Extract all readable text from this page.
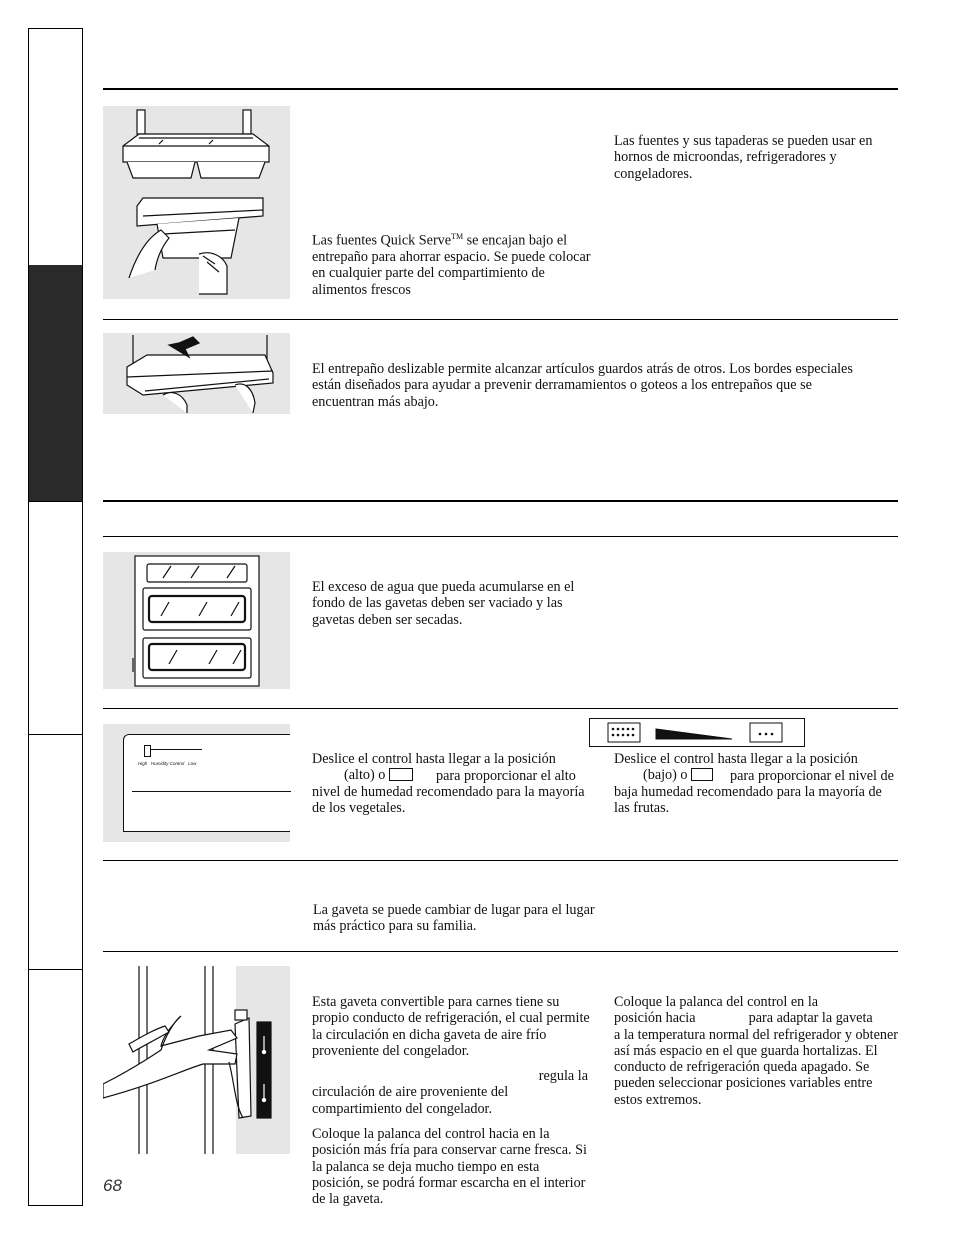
Las fuentes y sus tapaderas se pueden usar en hornos de microondas, refrigeradores y congeladores.

Las fuentes Quick Serve™ se encajan bajo el entrepaño para ahorrar espacio. Se puede colocar en cualquier parte del compartimiento de alimentos frescos

El entrepaño deslizable permite alcanzar artículos guardos atrás de otros. Los bordes especiales están diseñados para ayudar a prevenir derramamientos o goteos a los entrepaños que se encuentran más abajo.

El exceso de agua que pueda acumularse en el fondo de las gavetas deben ser vaciado y las gavetas deben ser secadas.

High Humidity Control Low	Deslice el control hasta llegar a la posición
(alto) o	para proporcionar el alto nivel de humedad recomendado para la mayoría de los vegetales.
Deslice el control hasta llegar a la posición
(bajo) o	para proporcionar el nivel de baja humedad recomendado para la mayoría de las frutas.

La gaveta se puede cambiar de lugar para el lugar más práctico para su familia.

Esta gaveta convertible para carnes tiene su propio conducto de refrigeración, el cual permite la circulación en dicha gaveta de aire frío proveniente del congelador.

regula la

circulación de aire proveniente del compartimiento del congelador.

Coloque la palanca del control hacia en la posición más fría para conservar carne fresca. Si la palanca se deja mucho tiempo en esta posición, se podrá formar escarcha en el interior de la gaveta.

Coloque la palanca del control en la
posición hacia	para adaptar la gaveta
a la temperatura normal del refrigerador y obtener así más espacio en el que guarda hortalizas. El conducto de refrigeración queda apagado. Se pueden seleccionar posiciones variables entre estos extremos.
68
